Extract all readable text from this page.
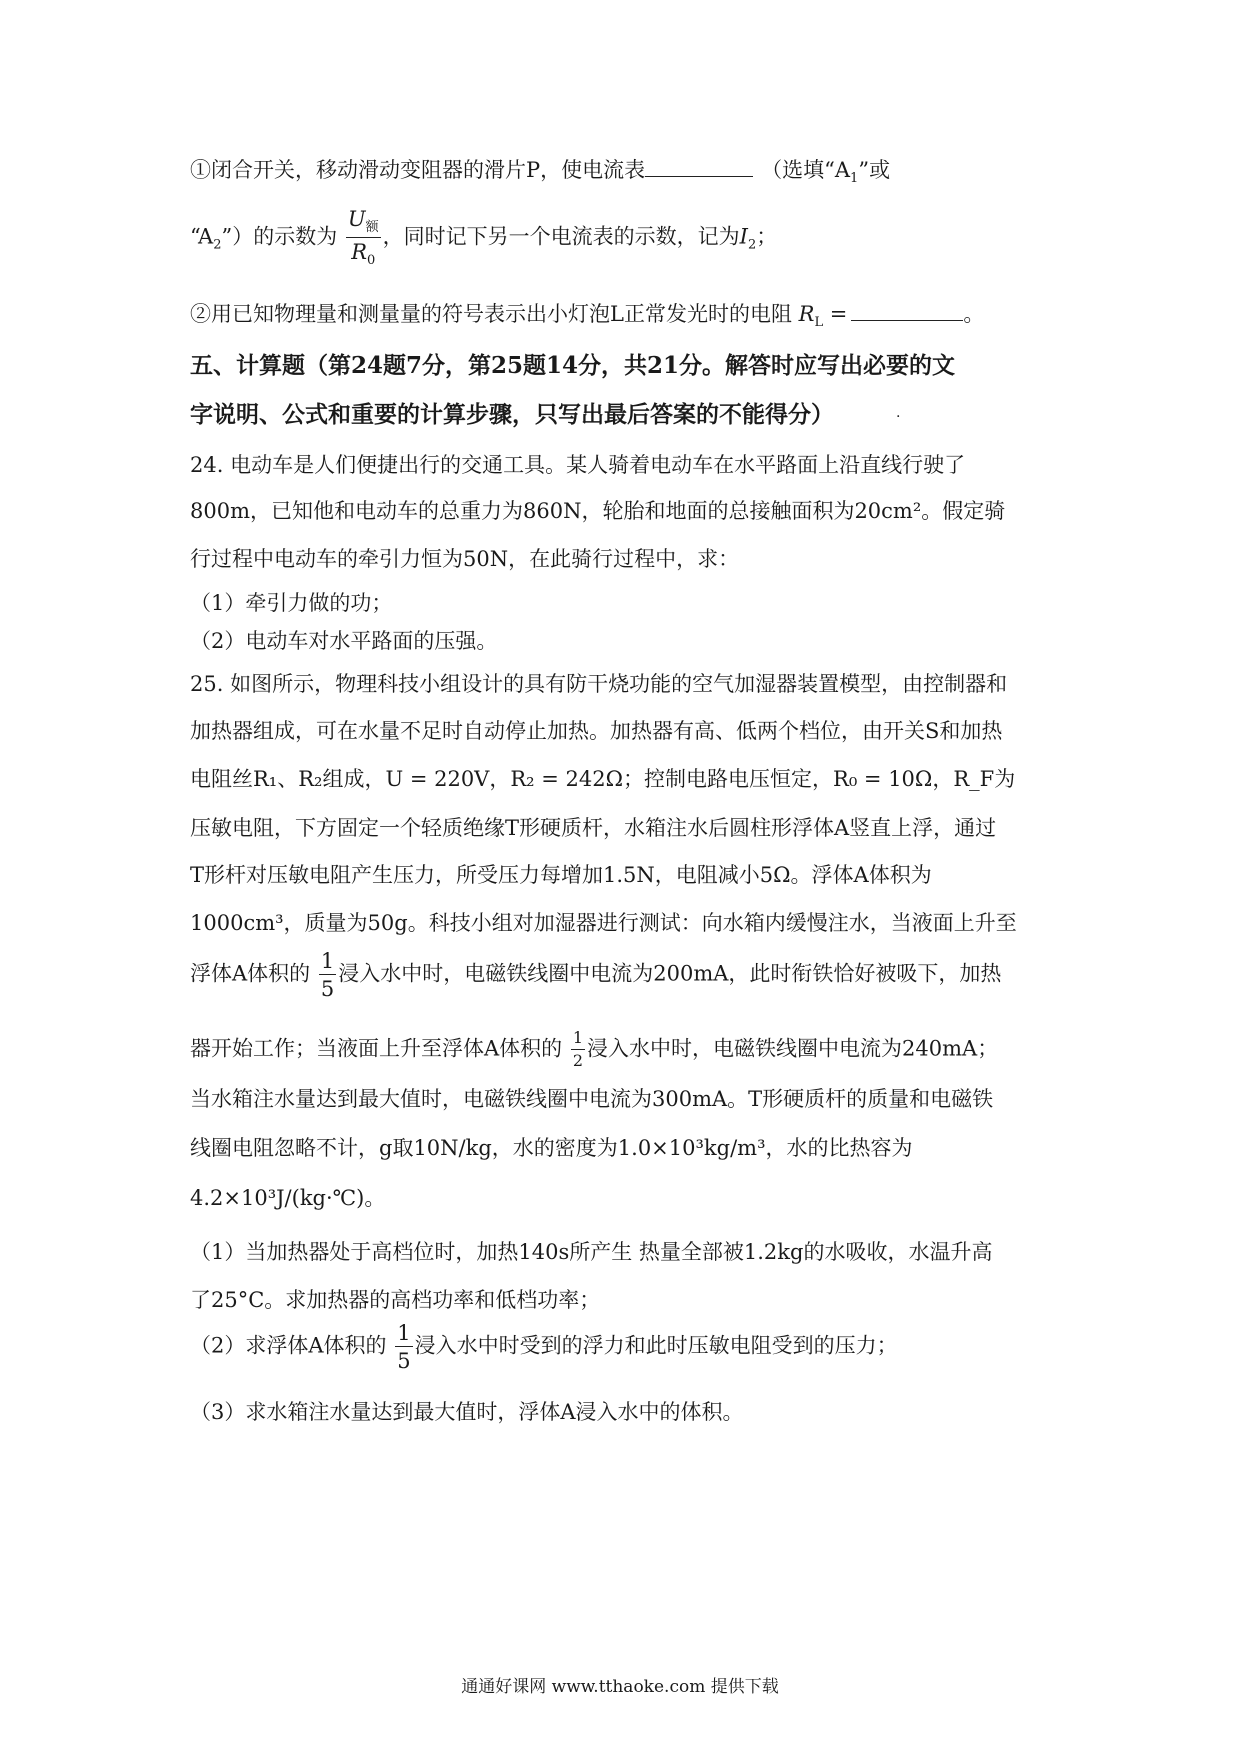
①闭合开关，移动滑动变阻器的滑片P，使电流表	（选填“$A_1$”或
“$A_2$”）的示数为 $\frac{U_额}{R_0}$ ，同时记下另一个电流表的示数，记为$I_2$；
②用已知物理量和测量量的符号表示出小灯泡L正常发光时的电阻 $R_L$ =	。
五、计算题（第24题7分，第25题14分，共21分。解答时应写出必要的文
字说明、公式和重要的计算步骤，只写出最后答案的不能得分）	.
24. 电动车是人们便捷出行的交通工具。某人骑着电动车在水平路面上沿直线行驶了
800m，已知他和电动车的总重力为860N，轮胎和地面的总接触面积为20cm²。假定骑
行过程中电动车的牵引力恒为50N，在此骑行过程中，求：
（1）牵引力做的功；
（2）电动车对水平路面的压强。
25. 如图所示，物理科技小组设计的具有防干烧功能的空气加湿器装置模型，由控制器和
加热器组成，可在水量不足时自动停止加热。加热器有高、低两个档位，由开关S和加热
电阻丝R₁、R₂组成，U = 220V，R₂ = 242Ω；控制电路电压恒定，R₀ = 10Ω，R_F为
压敏电阻，下方固定一个轻质绝缘T形硬质杆，水箱注水后圆柱形浮体A竖直上浮，通过
T形杆对压敏电阻产生压力，所受压力每增加1.5N，电阻减小5Ω。浮体A体积为
1000cm³，质量为50g。科技小组对加湿器进行测试：向水箱内缓慢注水，当液面上升至
浮体A体积的 $\frac{1}{5}$ 浸入水中时，电磁铁线圈中电流为200mA，此时衔铁恰好被吸下，加热
器开始工作；当液面上升至浮体A体积的 $\frac{1}{2}$ 浸入水中时，电磁铁线圈中电流为240mA；
当水箱注水量达到最大值时，电磁铁线圈中电流为300mA。T形硬质杆的质量和电磁铁
线圈电阻忽略不计，g取10N/kg，水的密度为1.0×10³kg/m³，水的比热容为
4.2×10³J/(kg·℃)。
（1）当加热器处于高档位时，加热140s所产生 热量全部被1.2kg的水吸收，水温升高
了25°C。求加热器的高档功率和低档功率；
（2）求浮体A体积的 $\frac{1}{5}$ 浸入水中时受到的浮力和此时压敏电阻受到的压力；
（3）求水箱注水量达到最大值时，浮体A浸入水中的体积。
通通好课网 www.tthaoke.com 提供下载
